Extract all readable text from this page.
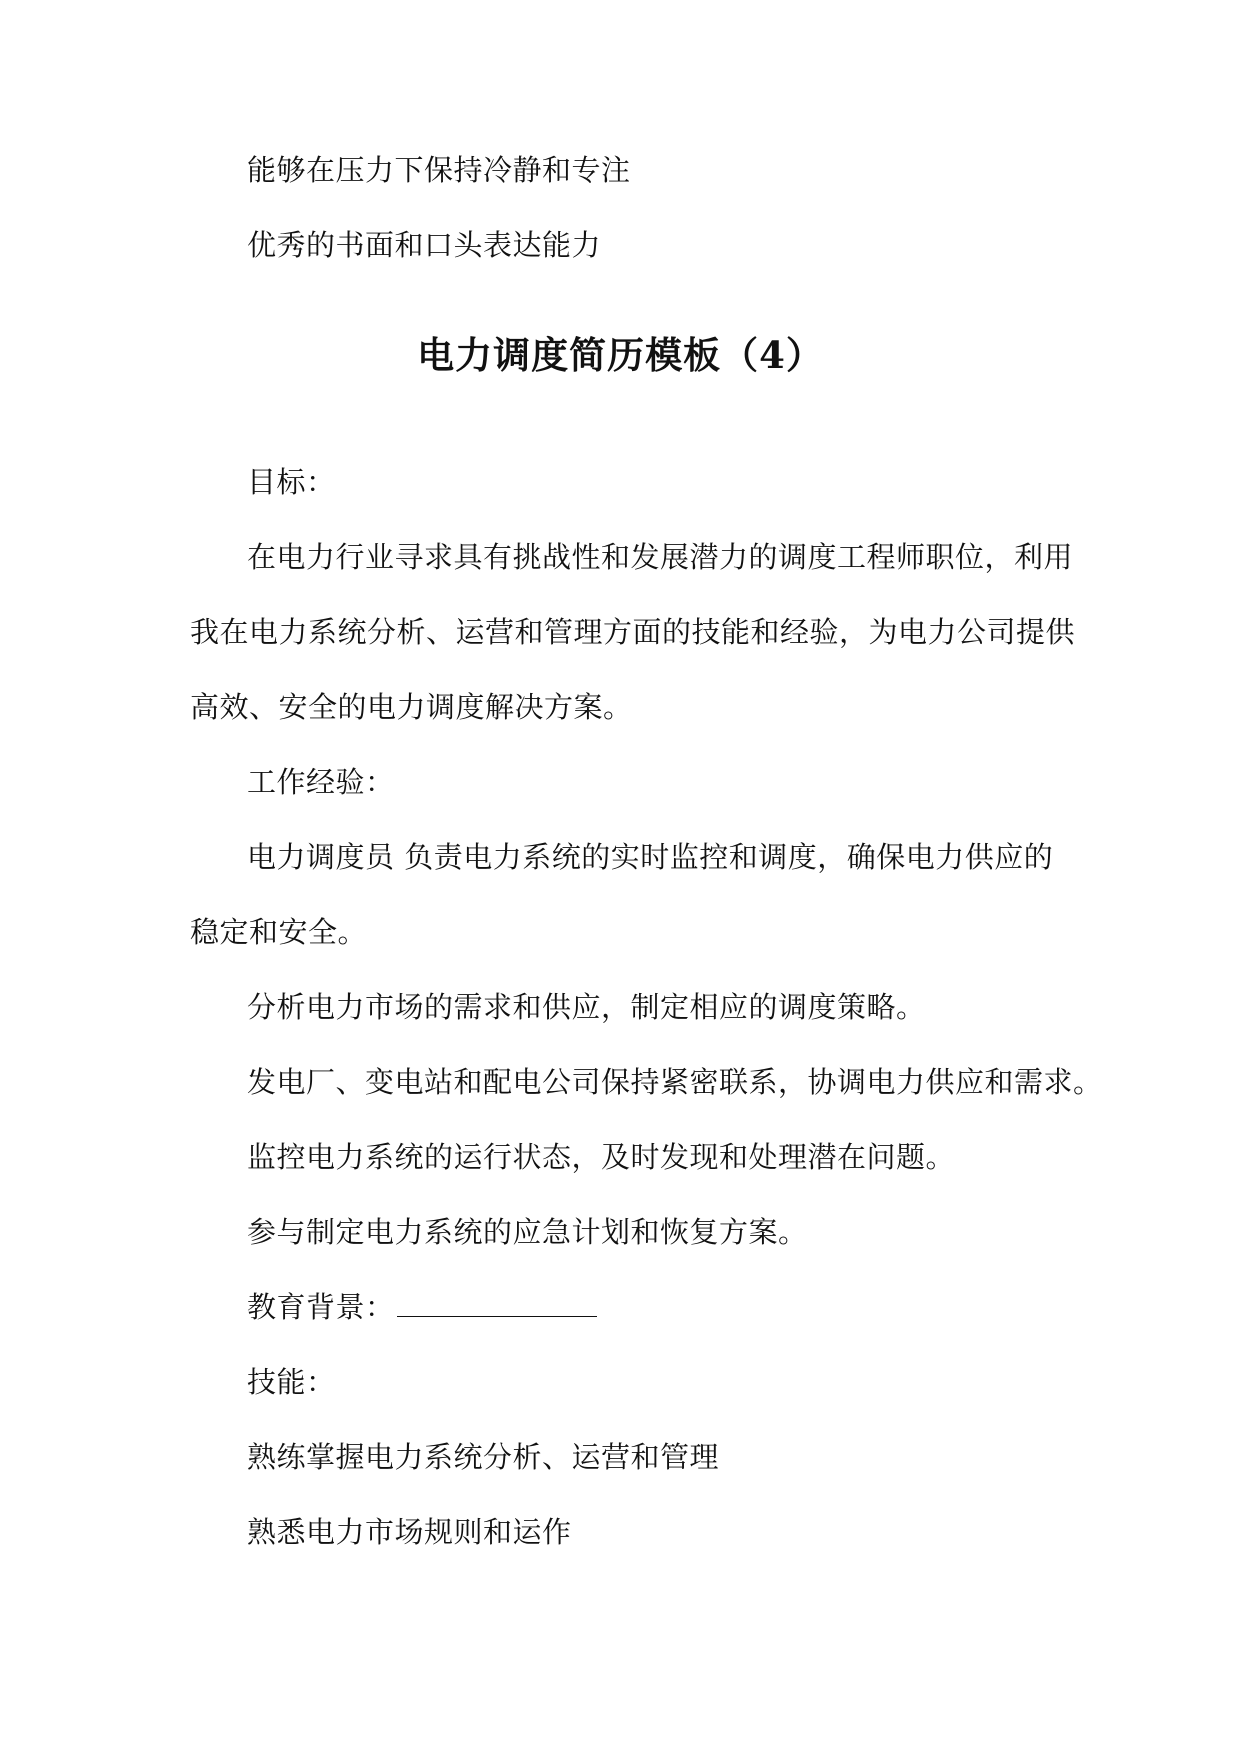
能够在压力下保持冷静和专注
优秀的书面和口头表达能力
电力调度简历模板（4）
目标：
在电力行业寻求具有挑战性和发展潜力的调度工程师职位，利用
我在电力系统分析、运营和管理方面的技能和经验，为电力公司提供
高效、安全的电力调度解决方案。
工作经验：
电力调度员 负责电力系统的实时监控和调度，确保电力供应的
稳定和安全。
分析电力市场的需求和供应，制定相应的调度策略。
发电厂、变电站和配电公司保持紧密联系，协调电力供应和需求。
监控电力系统的运行状态，及时发现和处理潜在问题。
参与制定电力系统的应急计划和恢复方案。
教育背景：
技能：
熟练掌握电力系统分析、运营和管理
熟悉电力市场规则和运作
